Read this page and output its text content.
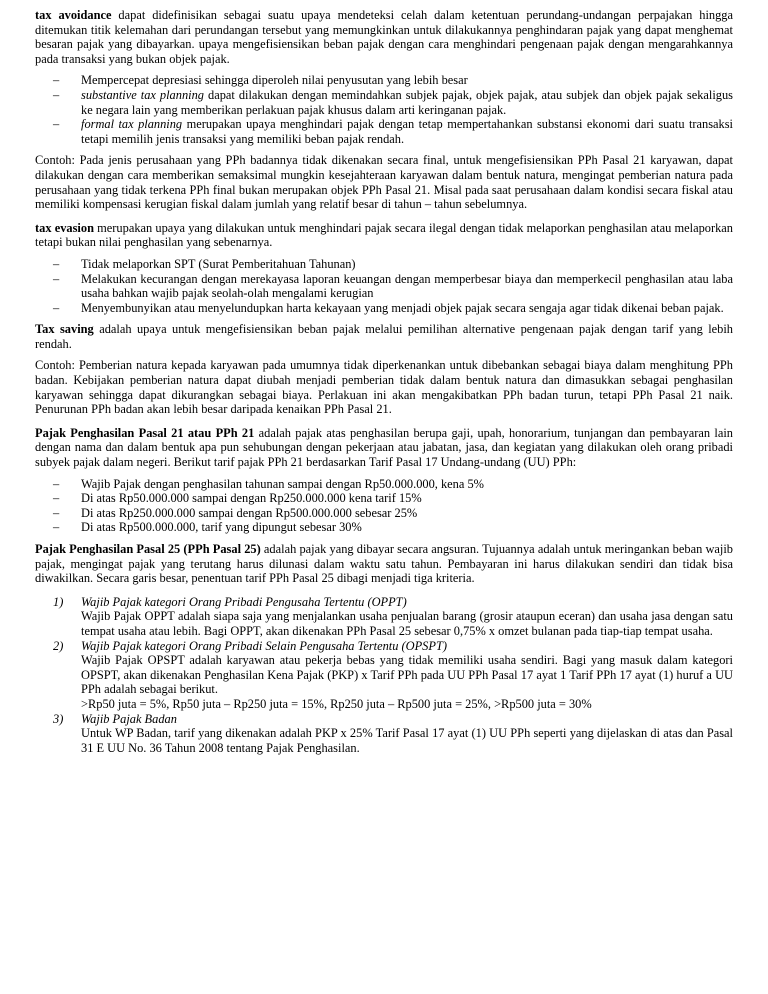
tax avoidance dapat didefinisikan sebagai suatu upaya mendeteksi celah dalam ketentuan perundang-undangan perpajakan hingga ditemukan titik kelemahan dari perundangan tersebut yang memungkinkan untuk dilakukannya penghindaran pajak yang dapat menghemat besaran pajak yang dibayarkan. upaya mengefisiensikan beban pajak dengan cara menghindari pengenaan pajak dengan mengarahkannya pada transaksi yang bukan objek pajak.

– Mempercepat depresiasi sehingga diperoleh nilai penyusutan yang lebih besar
– substantive tax planning dapat dilakukan dengan memindahkan subjek pajak, objek pajak, atau subjek dan objek pajak sekaligus ke negara lain yang memberikan perlakuan pajak khusus dalam arti keringanan pajak.
– formal tax planning merupakan upaya menghindari pajak dengan tetap mempertahankan substansi ekonomi dari suatu transaksi tetapi memilih jenis transaksi yang memiliki beban pajak rendah.

Contoh: Pada jenis perusahaan yang PPh badannya tidak dikenakan secara final, untuk mengefisiensikan PPh Pasal 21 karyawan, dapat dilakukan dengan cara memberikan semaksimal mungkin kesejahteraan karyawan dalam bentuk natura, mengingat pemberian natura pada perusahaan yang tidak terkena PPh final bukan merupakan objek PPh Pasal 21. Misal pada saat perusahaan dalam kondisi secara fiskal atau memiliki kompensasi kerugian fiskal dalam jumlah yang relatif besar di tahun – tahun sebelumnya.

tax evasion merupakan upaya yang dilakukan untuk menghindari pajak secara ilegal dengan tidak melaporkan penghasilan atau melaporkan tetapi bukan nilai penghasilan yang sebenarnya.

– Tidak melaporkan SPT (Surat Pemberitahuan Tahunan)
– Melakukan kecurangan dengan merekayasa laporan keuangan dengan memperbesar biaya dan memperkecil penghasilan atau laba usaha bahkan wajib pajak seolah-olah mengalami kerugian
– Menyembunyikan atau menyelundupkan harta kekayaan yang menjadi objek pajak secara sengaja agar tidak dikenai beban pajak.

Tax saving adalah upaya untuk mengefisiensikan beban pajak melalui pemilihan alternative pengenaan pajak dengan tarif yang lebih rendah.

Contoh: Pemberian natura kepada karyawan pada umumnya tidak diperkenankan untuk dibebankan sebagai biaya dalam menghitung PPh badan. Kebijakan pemberian natura dapat diubah menjadi pemberian tidak dalam bentuk natura dan dimasukkan sebagai penghasilan karyawan sehingga dapat dikurangkan sebagai biaya. Perlakuan ini akan mengakibatkan PPh badan turun, tetapi PPh Pasal 21 naik. Penurunan PPh badan akan lebih besar daripada kenaikan PPh Pasal 21.

Pajak Penghasilan Pasal 21 atau PPh 21 adalah pajak atas penghasilan berupa gaji, upah, honorarium, tunjangan dan pembayaran lain dengan nama dan dalam bentuk apa pun sehubungan dengan pekerjaan atau jabatan, jasa, dan kegiatan yang dilakukan oleh orang pribadi subyek pajak dalam negeri. Berikut tarif pajak PPh 21 berdasarkan Tarif Pasal 17 Undang-undang (UU) PPh:

– Wajib Pajak dengan penghasilan tahunan sampai dengan Rp50.000.000, kena 5%
– Di atas Rp50.000.000 sampai dengan Rp250.000.000 kena tarif 15%
– Di atas Rp250.000.000 sampai dengan Rp500.000.000 sebesar 25%
– Di atas Rp500.000.000, tarif yang dipungut sebesar 30%

Pajak Penghasilan Pasal 25 (PPh Pasal 25) adalah pajak yang dibayar secara angsuran. Tujuannya adalah untuk meringankan beban wajib pajak, mengingat pajak yang terutang harus dilunasi dalam waktu satu tahun. Pembayaran ini harus dilakukan sendiri dan tidak bisa diwakilkan. Secara garis besar, penentuan tarif PPh Pasal 25 dibagi menjadi tiga kriteria.

1) Wajib Pajak kategori Orang Pribadi Pengusaha Tertentu (OPPT)
Wajib Pajak OPPT adalah siapa saja yang menjalankan usaha penjualan barang (grosir ataupun eceran) dan usaha jasa dengan satu tempat usaha atau lebih. Bagi OPPT, akan dikenakan PPh Pasal 25 sebesar 0,75% x omzet bulanan pada tiap-tiap tempat usaha.
2) Wajib Pajak kategori Orang Pribadi Selain Pengusaha Tertentu (OPSPT)
Wajib Pajak OPSPT adalah karyawan atau pekerja bebas yang tidak memiliki usaha sendiri. Bagi yang masuk dalam kategori OPSPT, akan dikenakan Penghasilan Kena Pajak (PKP) x Tarif PPh pada UU PPh Pasal 17 ayat 1 Tarif PPh 17 ayat (1) huruf a UU PPh adalah sebagai berikut.
>Rp50 juta = 5%, Rp50 juta – Rp250 juta = 15%, Rp250 juta – Rp500 juta = 25%, >Rp500 juta = 30%
3) Wajib Pajak Badan
Untuk WP Badan, tarif yang dikenakan adalah PKP x 25% Tarif Pasal 17 ayat (1) UU PPh seperti yang dijelaskan di atas dan Pasal 31 E UU No. 36 Tahun 2008 tentang Pajak Penghasilan.
